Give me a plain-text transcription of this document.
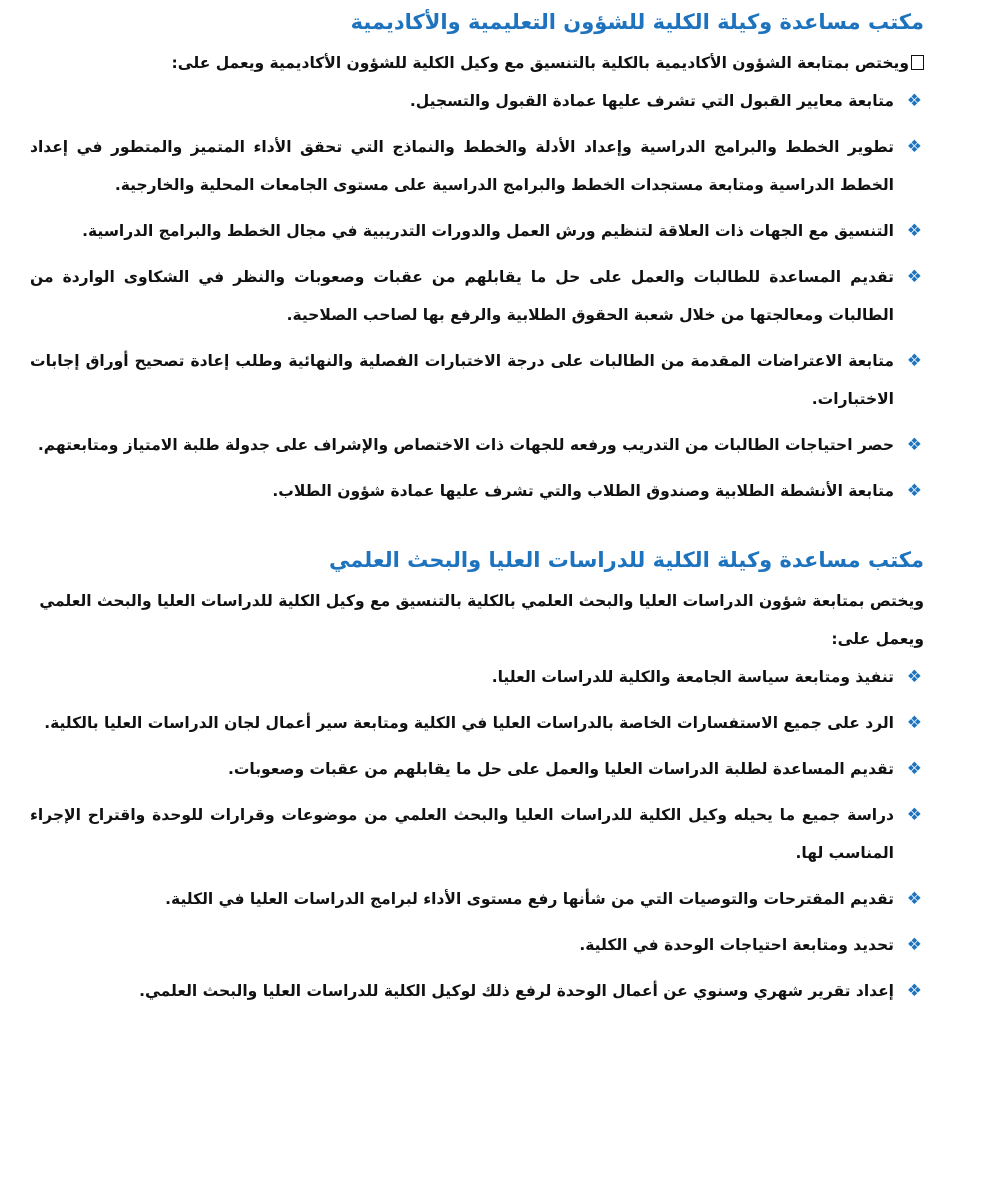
مكتب مساعدة وكيلة الكلية للشؤون التعليمية والأكاديمية

ويختص بمتابعة الشؤون الأكاديمية بالكلية بالتنسيق مع وكيل الكلية للشؤون الأكاديمية ويعمل على:

❖
متابعة معايير القبول التي تشرف عليها عمادة القبول والتسجيل.
❖
تطوير الخطط والبرامج الدراسية وإعداد الأدلة والخطط والنماذج التي تحقق الأداء المتميز والمتطور في إعداد الخطط الدراسية ومتابعة مستجدات الخطط والبرامج الدراسية على مستوى الجامعات المحلية والخارجية.
❖
التنسيق مع الجهات ذات العلاقة لتنظيم ورش العمل والدورات التدريبية في مجال الخطط والبرامج الدراسية.
❖
تقديم المساعدة للطالبات والعمل على حل ما يقابلهم من عقبات وصعوبات والنظر في الشكاوى الواردة من الطالبات ومعالجتها من خلال شعبة الحقوق الطلابية والرفع بها لصاحب الصلاحية.
❖
متابعة الاعتراضات المقدمة من الطالبات على درجة الاختبارات الفصلية والنهائية وطلب إعادة تصحيح أوراق إجابات الاختبارات.
❖
حصر احتياجات الطالبات من التدريب ورفعه للجهات ذات الاختصاص والإشراف على جدولة طلبة الامتياز ومتابعتهم.
❖
متابعة الأنشطة الطلابية وصندوق الطلاب والتي تشرف عليها عمادة شؤون الطلاب.
مكتب مساعدة وكيلة الكلية للدراسات العليا والبحث العلمي

ويختص بمتابعة شؤون الدراسات العليا والبحث العلمي بالكلية بالتنسيق مع وكيل الكلية للدراسات العليا والبحث العلمي ويعمل على:

❖
تنفيذ ومتابعة سياسة الجامعة والكلية للدراسات العليا.
❖
الرد على جميع الاستفسارات الخاصة بالدراسات العليا في الكلية ومتابعة سير أعمال لجان الدراسات العليا بالكلية.
❖
تقديم المساعدة لطلبة الدراسات العليا والعمل على حل ما يقابلهم من عقبات وصعوبات.
❖
دراسة جميع ما يحيله وكيل الكلية للدراسات العليا والبحث العلمي من موضوعات وقرارات للوحدة واقتراح الإجراء المناسب لها.
❖
تقديم المقترحات والتوصيات التي من شأنها رفع مستوى الأداء لبرامج الدراسات العليا في الكلية.
❖
تحديد ومتابعة احتياجات الوحدة في الكلية.
❖
إعداد تقرير شهري وسنوي عن أعمال الوحدة لرفع ذلك لوكيل الكلية للدراسات العليا والبحث العلمي.
